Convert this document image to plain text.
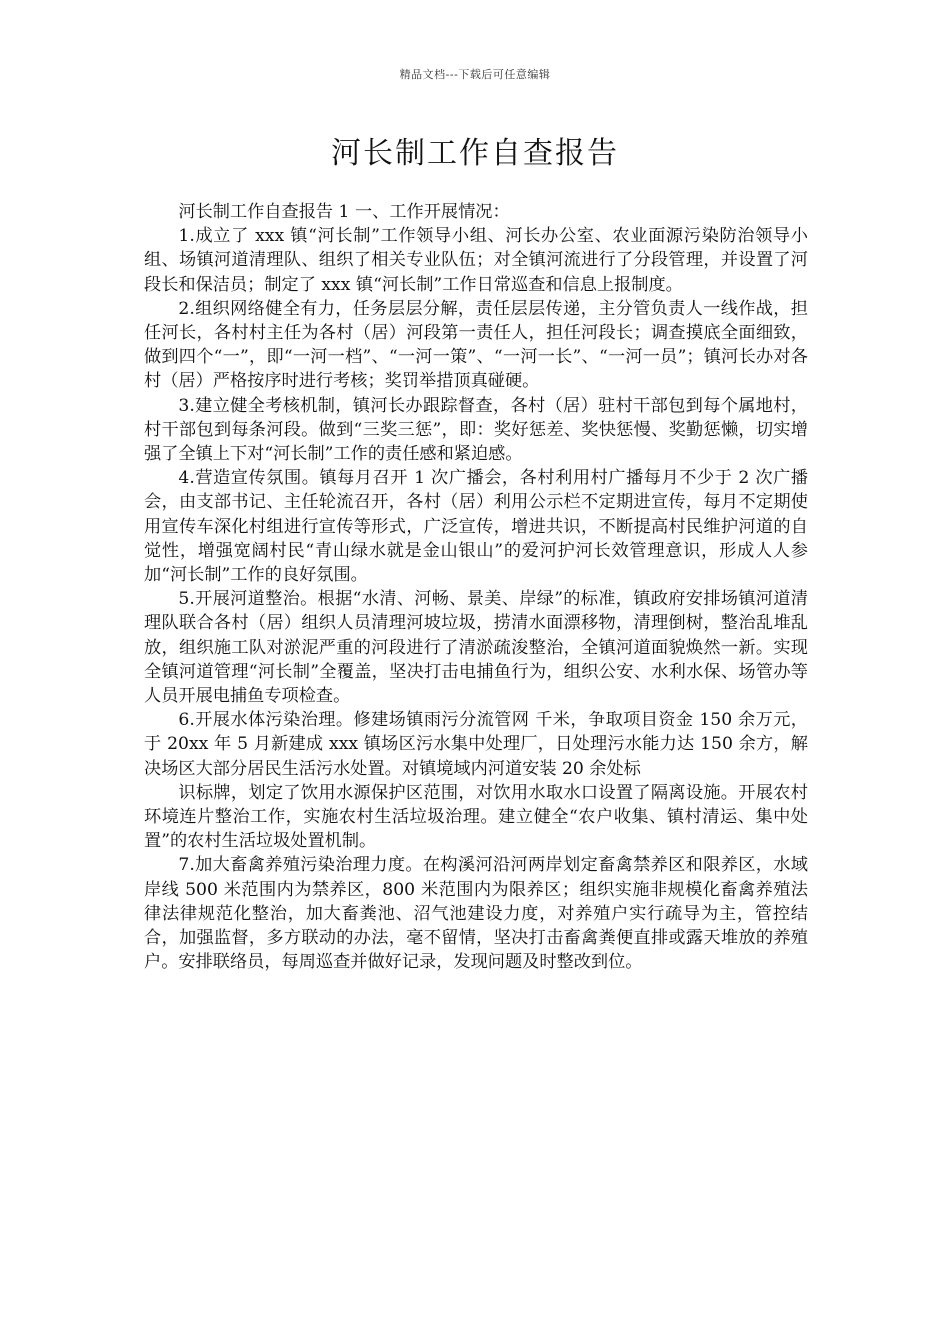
精品文档---下载后可任意编辑
河长制工作自查报告

河长制工作自查报告 1 一、工作开展情况：

1.成立了 xxx 镇“河长制”工作领导小组、河长办公室、农业面源污染防治领导小组、场镇河道清理队、组织了相关专业队伍；对全镇河流进行了分段管理，并设置了河段长和保洁员；制定了 xxx 镇“河长制”工作日常巡查和信息上报制度。

2.组织网络健全有力，任务层层分解，责任层层传递，主分管负责人一线作战，担任河长，各村村主任为各村（居）河段第一责任人，担任河段长；调查摸底全面细致，做到四个“一”，即“一河一档”、“一河一策”、“一河一长”、“一河一员”；镇河长办对各村（居）严格按序时进行考核；奖罚举措顶真碰硬。

3.建立健全考核机制，镇河长办跟踪督查，各村（居）驻村干部包到每个属地村，村干部包到每条河段。做到“三奖三惩”，即：奖好惩差、奖快惩慢、奖勤惩懒，切实增强了全镇上下对“河长制”工作的责任感和紧迫感。

4.营造宣传氛围。镇每月召开 1 次广播会，各村利用村广播每月不少于 2 次广播会，由支部书记、主任轮流召开，各村（居）利用公示栏不定期进宣传，每月不定期使用宣传车深化村组进行宣传等形式，广泛宣传，增进共识，不断提高村民维护河道的自觉性，增强宽阔村民“青山绿水就是金山银山”的爱河护河长效管理意识，形成人人参加“河长制”工作的良好氛围。

5.开展河道整治。根据“水清、河畅、景美、岸绿”的标准，镇政府安排场镇河道清理队联合各村（居）组织人员清理河坡垃圾，捞清水面漂移物，清理倒树，整治乱堆乱放，组织施工队对淤泥严重的河段进行了清淤疏浚整治，全镇河道面貌焕然一新。实现全镇河道管理“河长制”全覆盖，坚决打击电捕鱼行为，组织公安、水利水保、场管办等人员开展电捕鱼专项检查。

6.开展水体污染治理。修建场镇雨污分流管网 千米，争取项目资金 150 余万元，于 20xx 年 5 月新建成 xxx 镇场区污水集中处理厂，日处理污水能力达 150 余方，解决场区大部分居民生活污水处置。对镇境域内河道安装 20 余处标

识标牌，划定了饮用水源保护区范围，对饮用水取水口设置了隔离设施。开展农村环境连片整治工作，实施农村生活垃圾治理。建立健全“农户收集、镇村清运、集中处置”的农村生活垃圾处置机制。

7.加大畜禽养殖污染治理力度。在构溪河沿河两岸划定畜禽禁养区和限养区，水域岸线 500 米范围内为禁养区，800 米范围内为限养区；组织实施非规模化畜禽养殖法律法律规范化整治，加大畜粪池、沼气池建设力度，对养殖户实行疏导为主，管控结合，加强监督，多方联动的办法，毫不留情，坚决打击畜禽粪便直排或露天堆放的养殖户。安排联络员，每周巡查并做好记录，发现问题及时整改到位。
